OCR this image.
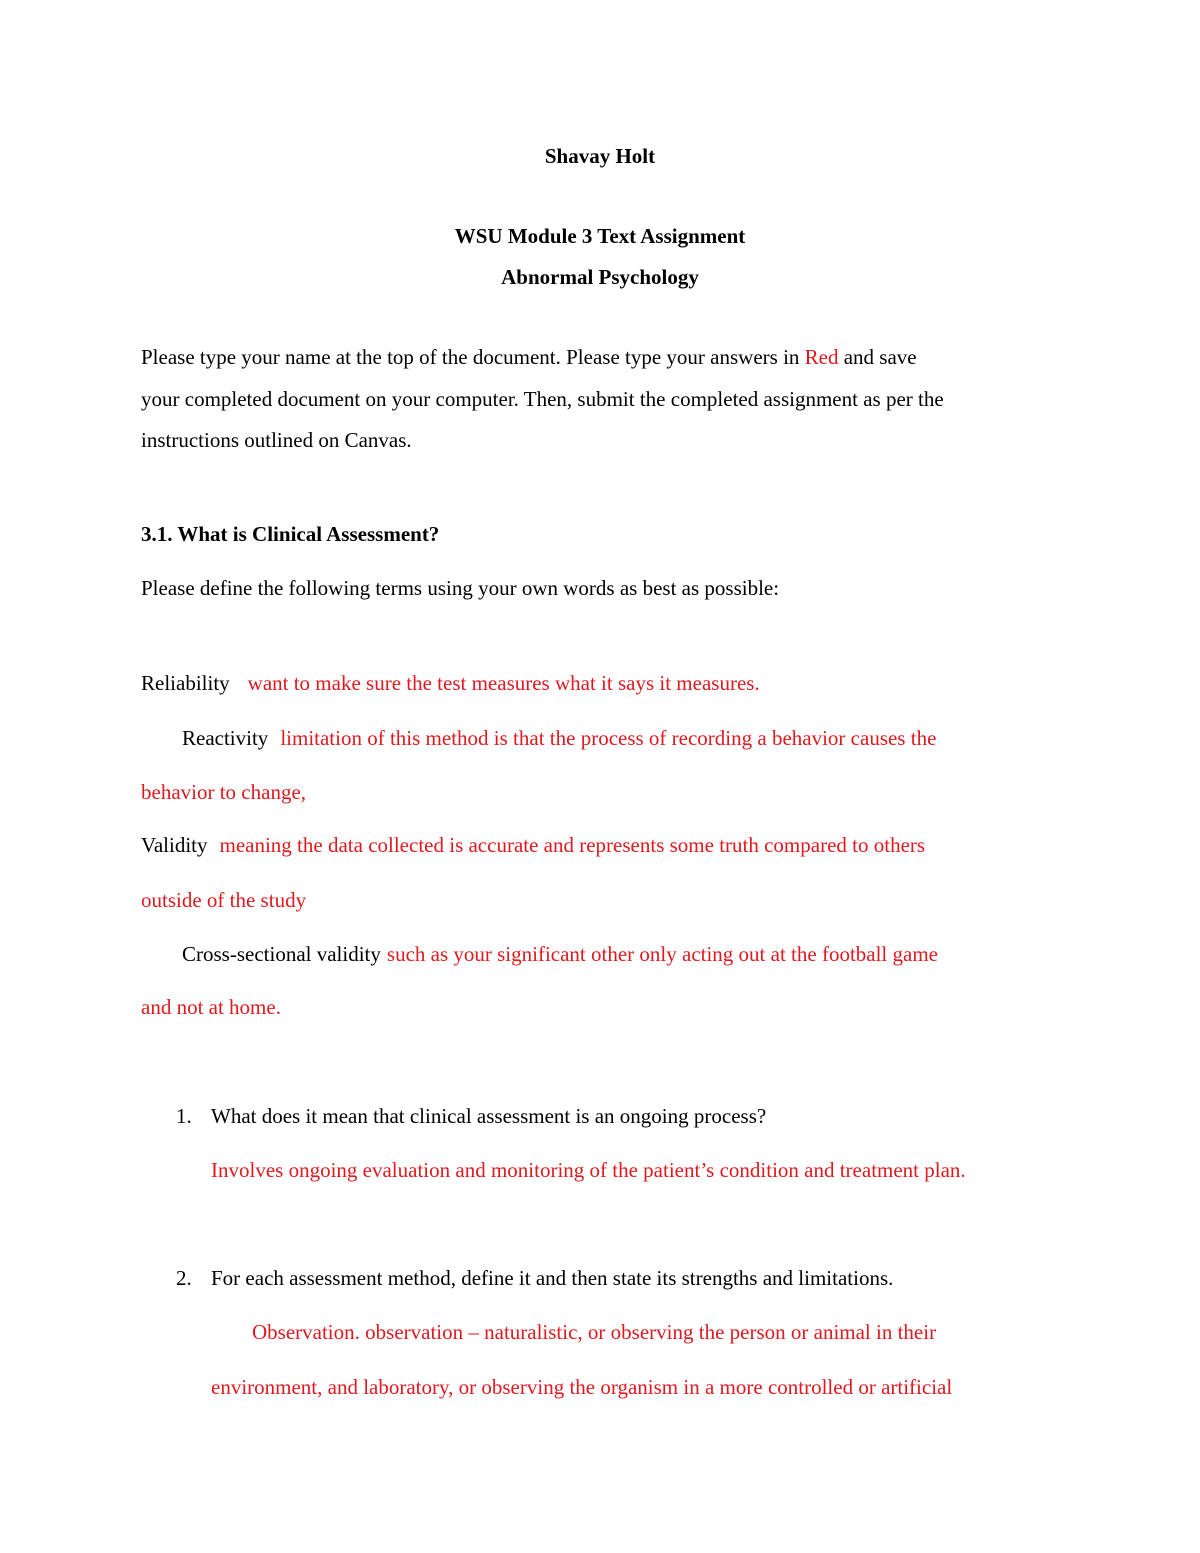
Shavay Holt
WSU Module 3 Text Assignment
Abnormal Psychology
Please type your name at the top of the document. Please type your answers in Red and save
your completed document on your computer. Then, submit the completed assignment as per the
instructions outlined on Canvas.
3.1. What is Clinical Assessment?
Please define the following terms using your own words as best as possible:
Reliability want to make sure the test measures what it says it measures.
Reactivity limitation of this method is that the process of recording a behavior causes the
behavior to change,
Validity meaning the data collected is accurate and represents some truth compared to others
outside of the study
Cross-sectional validity such as your significant other only acting out at the football game
and not at home.
1. What does it mean that clinical assessment is an ongoing process?
Involves ongoing evaluation and monitoring of the patient’s condition and treatment plan.
2. For each assessment method, define it and then state its strengths and limitations.
Observation. observation – naturalistic, or observing the person or animal in their
environment, and laboratory, or observing the organism in a more controlled or artificial
